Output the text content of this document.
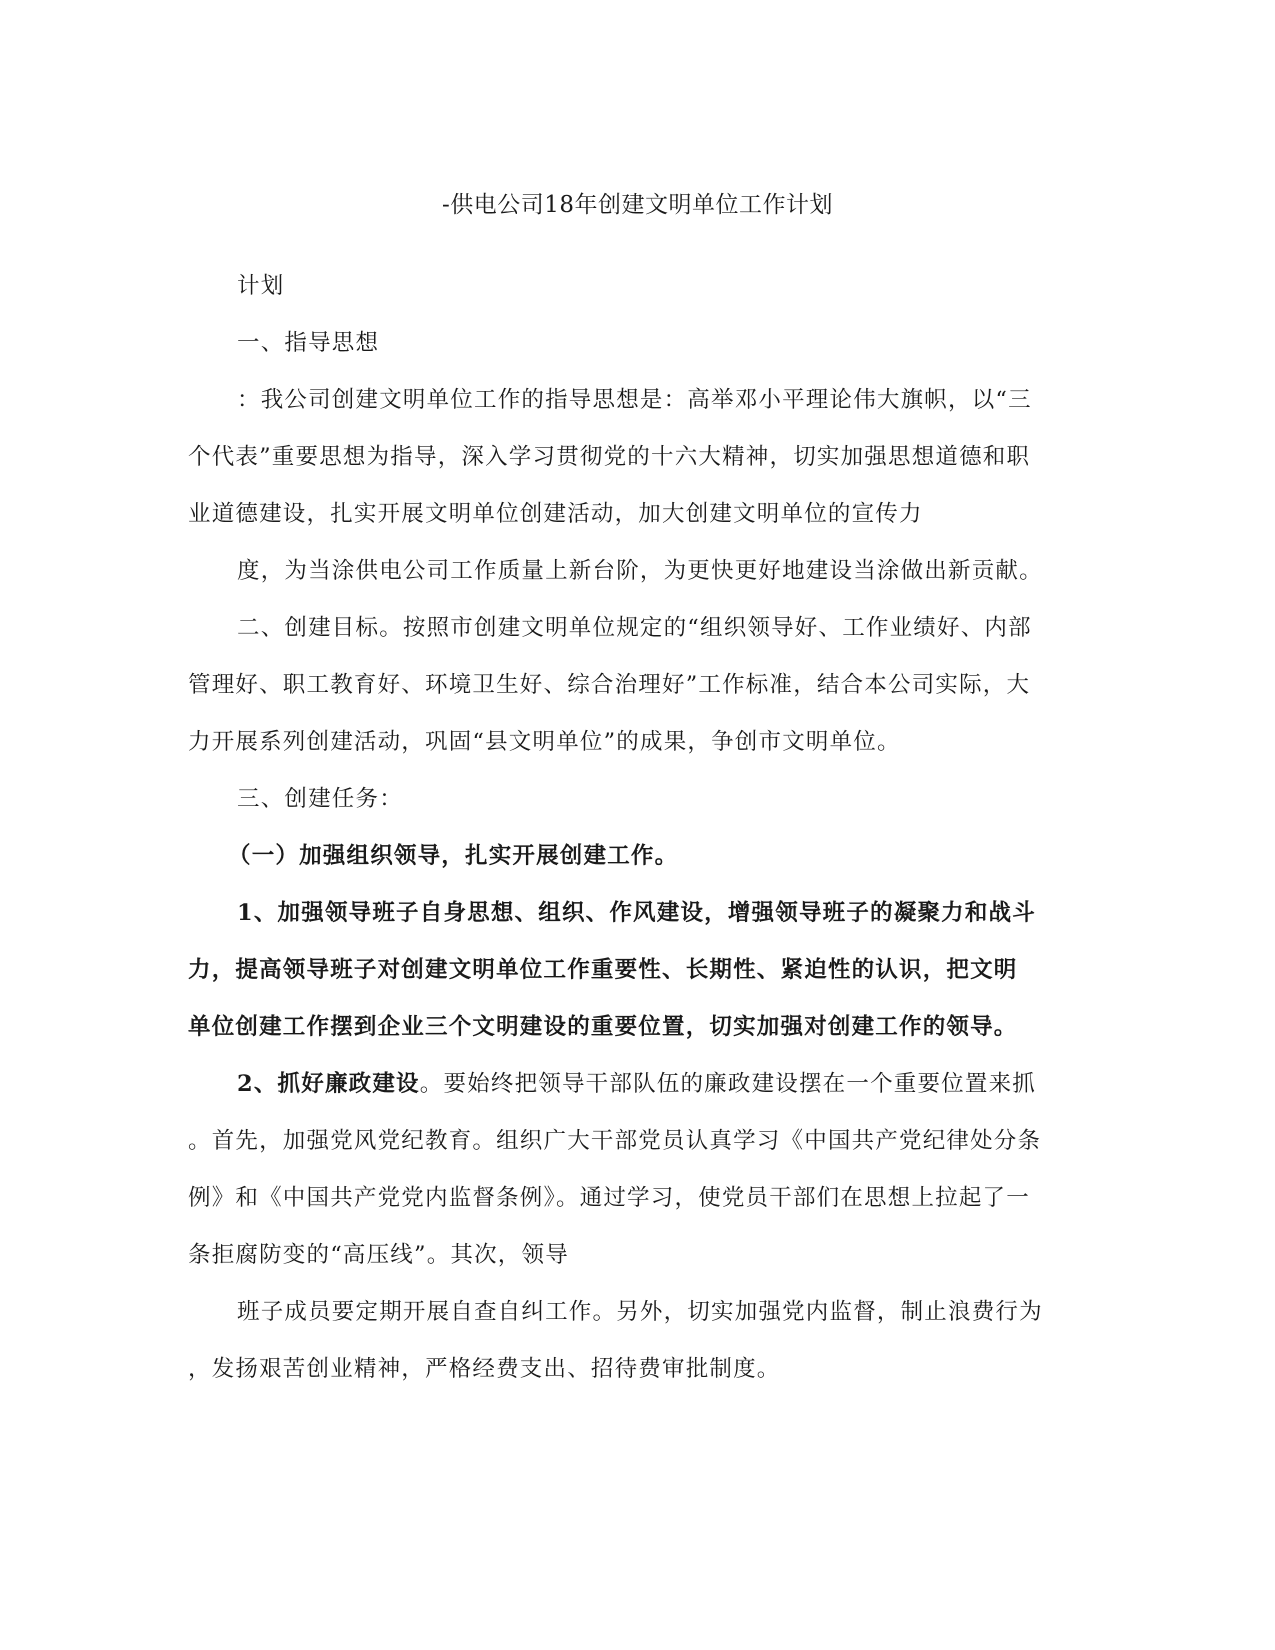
-供电公司18年创建文明单位工作计划

计划

一、指导思想

：我公司创建文明单位工作的指导思想是：高举邓小平理论伟大旗帜，以“三
个代表”重要思想为指导，深入学习贯彻党的十六大精神，切实加强思想道德和职
业道德建设，扎实开展文明单位创建活动，加大创建文明单位的宣传力

度，为当涂供电公司工作质量上新台阶，为更快更好地建设当涂做出新贡献。

二、创建目标。按照市创建文明单位规定的“组织领导好、工作业绩好、内部
管理好、职工教育好、环境卫生好、综合治理好”工作标准，结合本公司实际，大
力开展系列创建活动，巩固“县文明单位”的成果，争创市文明单位。

三、创建任务：

（一）加强组织领导，扎实开展创建工作。

1、加强领导班子自身思想、组织、作风建设，增强领导班子的凝聚力和战斗
力，提高领导班子对创建文明单位工作重要性、长期性、紧迫性的认识，把文明
单位创建工作摆到企业三个文明建设的重要位置，切实加强对创建工作的领导。

2、抓好廉政建设。要始终把领导干部队伍的廉政建设摆在一个重要位置来抓
。首先，加强党风党纪教育。组织广大干部党员认真学习《中国共产党纪律处分条
例》和《中国共产党党内监督条例》。通过学习，使党员干部们在思想上拉起了一
条拒腐防变的“高压线”。其次，领导

班子成员要定期开展自查自纠工作。另外，切实加强党内监督，制止浪费行为
，发扬艰苦创业精神，严格经费支出、招待费审批制度。
